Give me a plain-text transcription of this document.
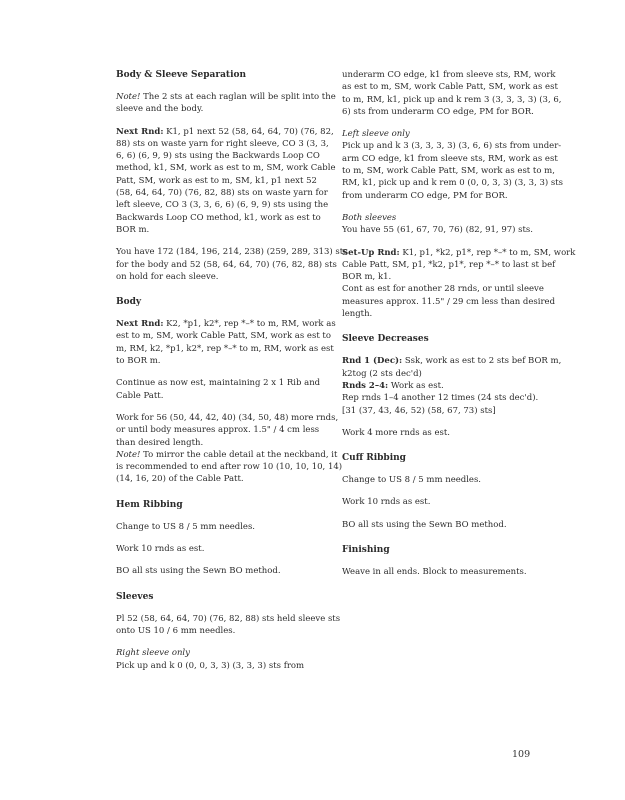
Body & Sleeve Separation
Note! The 2 sts at each raglan will be split into the
sleeve and the body.
Next Rnd: K1, p1 next 52 (58, 64, 64, 70) (76, 82,
88) sts on waste yarn for right sleeve, CO 3 (3, 3,
6, 6) (6, 9, 9) sts using the Backwards Loop CO
method, k1, SM, work as est to m, SM, work Cable
Patt, SM, work as est to m, SM, k1, p1 next 52
(58, 64, 64, 70) (76, 82, 88) sts on waste yarn for
left sleeve, CO 3 (3, 3, 6, 6) (6, 9, 9) sts using the
Backwards Loop CO method, k1, work as est to
BOR m.
You have 172 (184, 196, 214, 238) (259, 289, 313) sts
for the body and 52 (58, 64, 64, 70) (76, 82, 88) sts
on hold for each sleeve.
Body
Next Rnd: K2, *p1, k2*, rep *–* to m, RM, work as
est to m, SM, work Cable Patt, SM, work as est to
m, RM, k2, *p1, k2*, rep *–* to m, RM, work as est
to BOR m.
Continue as now est, maintaining 2 x 1 Rib and
Cable Patt.
Work for 56 (50, 44, 42, 40) (34, 50, 48) more rnds,
or until body measures approx. 1.5" / 4 cm less
than desired length.
Note! To mirror the cable detail at the neckband, it
is recommended to end after row 10 (10, 10, 10, 14)
(14, 16, 20) of the Cable Patt.
Hem Ribbing
Change to US 8 / 5 mm needles.
Work 10 rnds as est.
BO all sts using the Sewn BO method.
Sleeves
Pl 52 (58, 64, 64, 70) (76, 82, 88) sts held sleeve sts
onto US 10 / 6 mm needles.
Right sleeve only
Pick up and k 0 (0, 0, 3, 3) (3, 3, 3) sts from
underarm CO edge, k1 from sleeve sts, RM, work
as est to m, SM, work Cable Patt, SM, work as est
to m, RM, k1, pick up and k rem 3 (3, 3, 3, 3) (3, 6,
6) sts from underarm CO edge, PM for BOR.
Left sleeve only
Pick up and k 3 (3, 3, 3, 3) (3, 6, 6) sts from under-
arm CO edge, k1 from sleeve sts, RM, work as est
to m, SM, work Cable Patt, SM, work as est to m,
RM, k1, pick up and k rem 0 (0, 0, 3, 3) (3, 3, 3) sts
from underarm CO edge, PM for BOR.
Both sleeves
You have 55 (61, 67, 70, 76) (82, 91, 97) sts.
Set-Up Rnd: K1, p1, *k2, p1*, rep *–* to m, SM, work
Cable Patt, SM, p1, *k2, p1*, rep *–* to last st bef
BOR m, k1.
Cont as est for another 28 rnds, or until sleeve
measures approx. 11.5" / 29 cm less than desired
length.
Sleeve Decreases
Rnd 1 (Dec): Ssk, work as est to 2 sts bef BOR m,
k2tog (2 sts dec'd)
Rnds 2–4: Work as est.
Rep rnds 1–4 another 12 times (24 sts dec'd).
[31 (37, 43, 46, 52) (58, 67, 73) sts]
Work 4 more rnds as est.
Cuff Ribbing
Change to US 8 / 5 mm needles.
Work 10 rnds as est.
BO all sts using the Sewn BO method.
Finishing
Weave in all ends. Block to measurements.
109
PassionForum.ru
